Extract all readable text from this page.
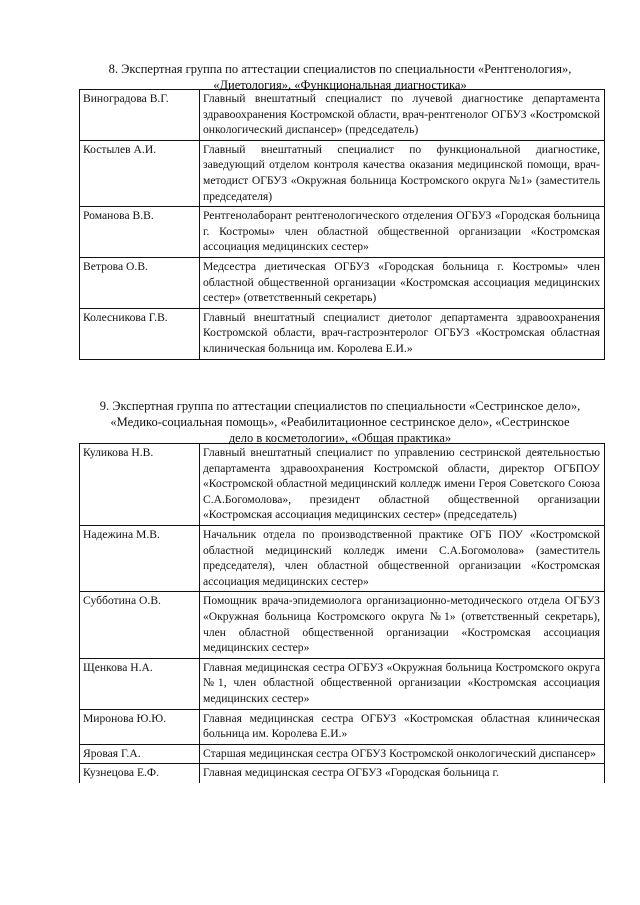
8. Экспертная группа по аттестации специалистов по специальности «Рентгенология»,
«Диетология», «Функциональная диагностика»
Виноградова В.Г.	Главный внештатный специалист по лучевой диагностике департамента здравоохранения Костромской области, врач-рентгенолог ОГБУЗ «Костромской онкологический диспансер» (председатель)
Костылев А.И.	Главный внештатный специалист по функциональной диагностике, заведующий отделом контроля качества оказания медицинской помощи, врач-методист ОГБУЗ «Окружная больница Костромского округа №1» (заместитель председателя)
Романова В.В.	Рентгенолаборант рентгенологического отделения ОГБУЗ «Городская больница г. Костромы» член областной общественной организации «Костромская ассоциация медицинских сестер»
Ветрова О.В.	Медсестра диетическая ОГБУЗ «Городская больница г. Костромы» член областной общественной организации «Костромская ассоциация медицинских сестер» (ответственный секретарь)
Колесникова Г.В.	Главный внештатный специалист диетолог департамента здравоохранения Костромской области, врач-гастроэнтеролог ОГБУЗ «Костромская областная клиническая больница им. Королева Е.И.»
9. Экспертная группа по аттестации специалистов по специальности «Сестринское дело»,
«Медико-социальная помощь», «Реабилитационное сестринское дело», «Сестринское
дело в косметологии», «Общая практика»
Куликова Н.В.	Главный внештатный специалист по управлению сестринской деятельностью департамента здравоохранения Костромской области, директор ОГБПОУ «Костромской областной медицинский колледж имени Героя Советского Союза С.А.Богомолова», президент областной общественной организации «Костромская ассоциация медицинских сестер» (председатель)
Надежина М.В.	Начальник отдела по производственной практике ОГБ ПОУ «Костромской областной медицинский колледж имени С.А.Богомолова» (заместитель председателя), член областной общественной организации «Костромская ассоциация медицинских сестер»
Субботина О.В.	Помощник врача-эпидемиолога организационно-методического отдела ОГБУЗ «Окружная больница Костромского округа №1» (ответственный секретарь), член областной общественной организации «Костромская ассоциация медицинских сестер»
Щенкова Н.А.	Главная медицинская сестра ОГБУЗ «Окружная больница Костромского округа №1, член областной общественной организации «Костромская ассоциация медицинских сестер»
Миронова Ю.Ю.	Главная медицинская сестра ОГБУЗ «Костромская областная клиническая больница им. Королева Е.И.»
Яровая Г.А.	Старшая медицинская сестра ОГБУЗ Костромской онкологический диспансер»
Кузнецова Е.Ф.	Главная медицинская сестра ОГБУЗ «Городская больница г.
